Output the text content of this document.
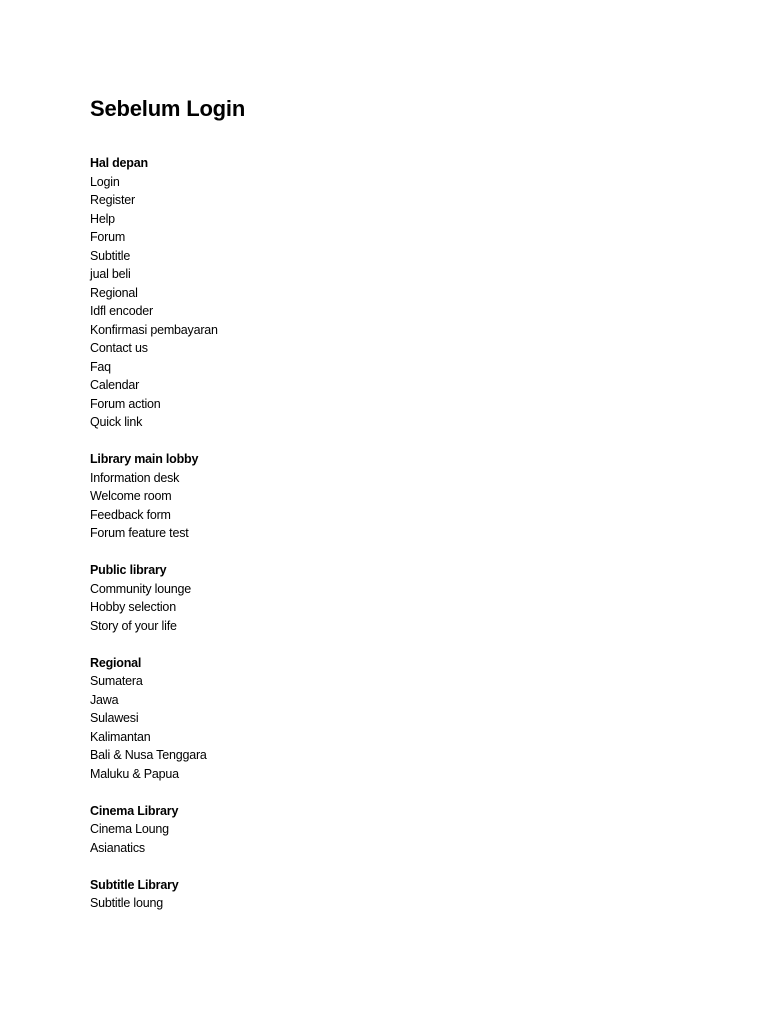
Sebelum Login
Hal depan
Login
Register
Help
Forum
Subtitle
jual beli
Regional
Idfl encoder
Konfirmasi pembayaran
Contact us
Faq
Calendar
Forum action
Quick link
Library main lobby
Information desk
Welcome room
Feedback form
Forum feature test
Public library
Community lounge
Hobby selection
Story of your life
Regional
Sumatera
Jawa
Sulawesi
Kalimantan
Bali & Nusa Tenggara
Maluku & Papua
Cinema Library
Cinema Loung
Asianatics
Subtitle Library
Subtitle loung
